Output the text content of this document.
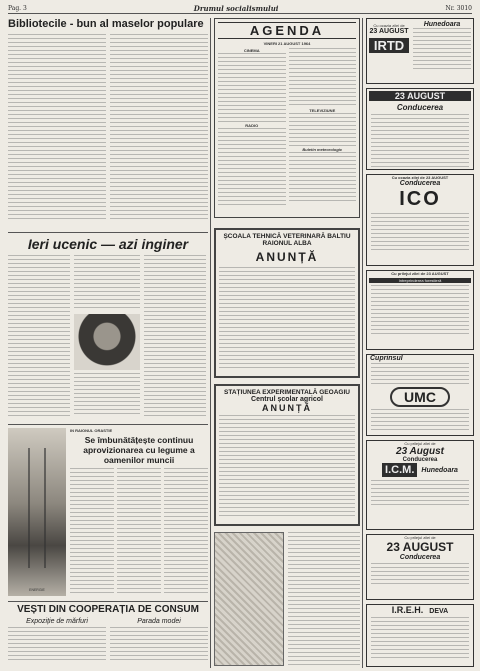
Pag. 3	Drumul socialismului	Nr. 3010
Bibliotecile - bun al maselor populare
Ieri ucenic — azi inginer
IN RAIONUL ORASTIE
Se îmbunătățește continuu aprovizionarea cu legume a oamenilor muncii
ENERGIE
VEȘTI DIN COOPERAȚIA DE CONSUM
Expoziție de mărfuri	Parada modei
AGENDA
VINERI 21 AUGUST 1964
CINEMA
RADIO
TELEVIZIUNE
Buletin meteorologic
ȘCOALA TEHNICĂ VETERINARĂ BALTIU
RAIONUL ALBA
ANUNȚĂ
STAȚIUNEA EXPERIMENTALĂ GEOAGIU
Centrul școlar agricol
ANUNȚĂ
Cu ocazia zilei de
23 AUGUST
IRTD
Hunedoara
23 AUGUST
Conducerea
Cu ocazia zilei de 23 AUGUST
Conducerea
ICO
Cu prilejul zilei de 23 AUGUST
Intreprinderea forestieră
Cuprinsul
UMC
Cu prilejul zilei de
23 August
Conducerea
I.C.M.	Hunedoara
Cu prilejul zilei de
23 AUGUST
Conducerea
I.R.E.H. DEVA
